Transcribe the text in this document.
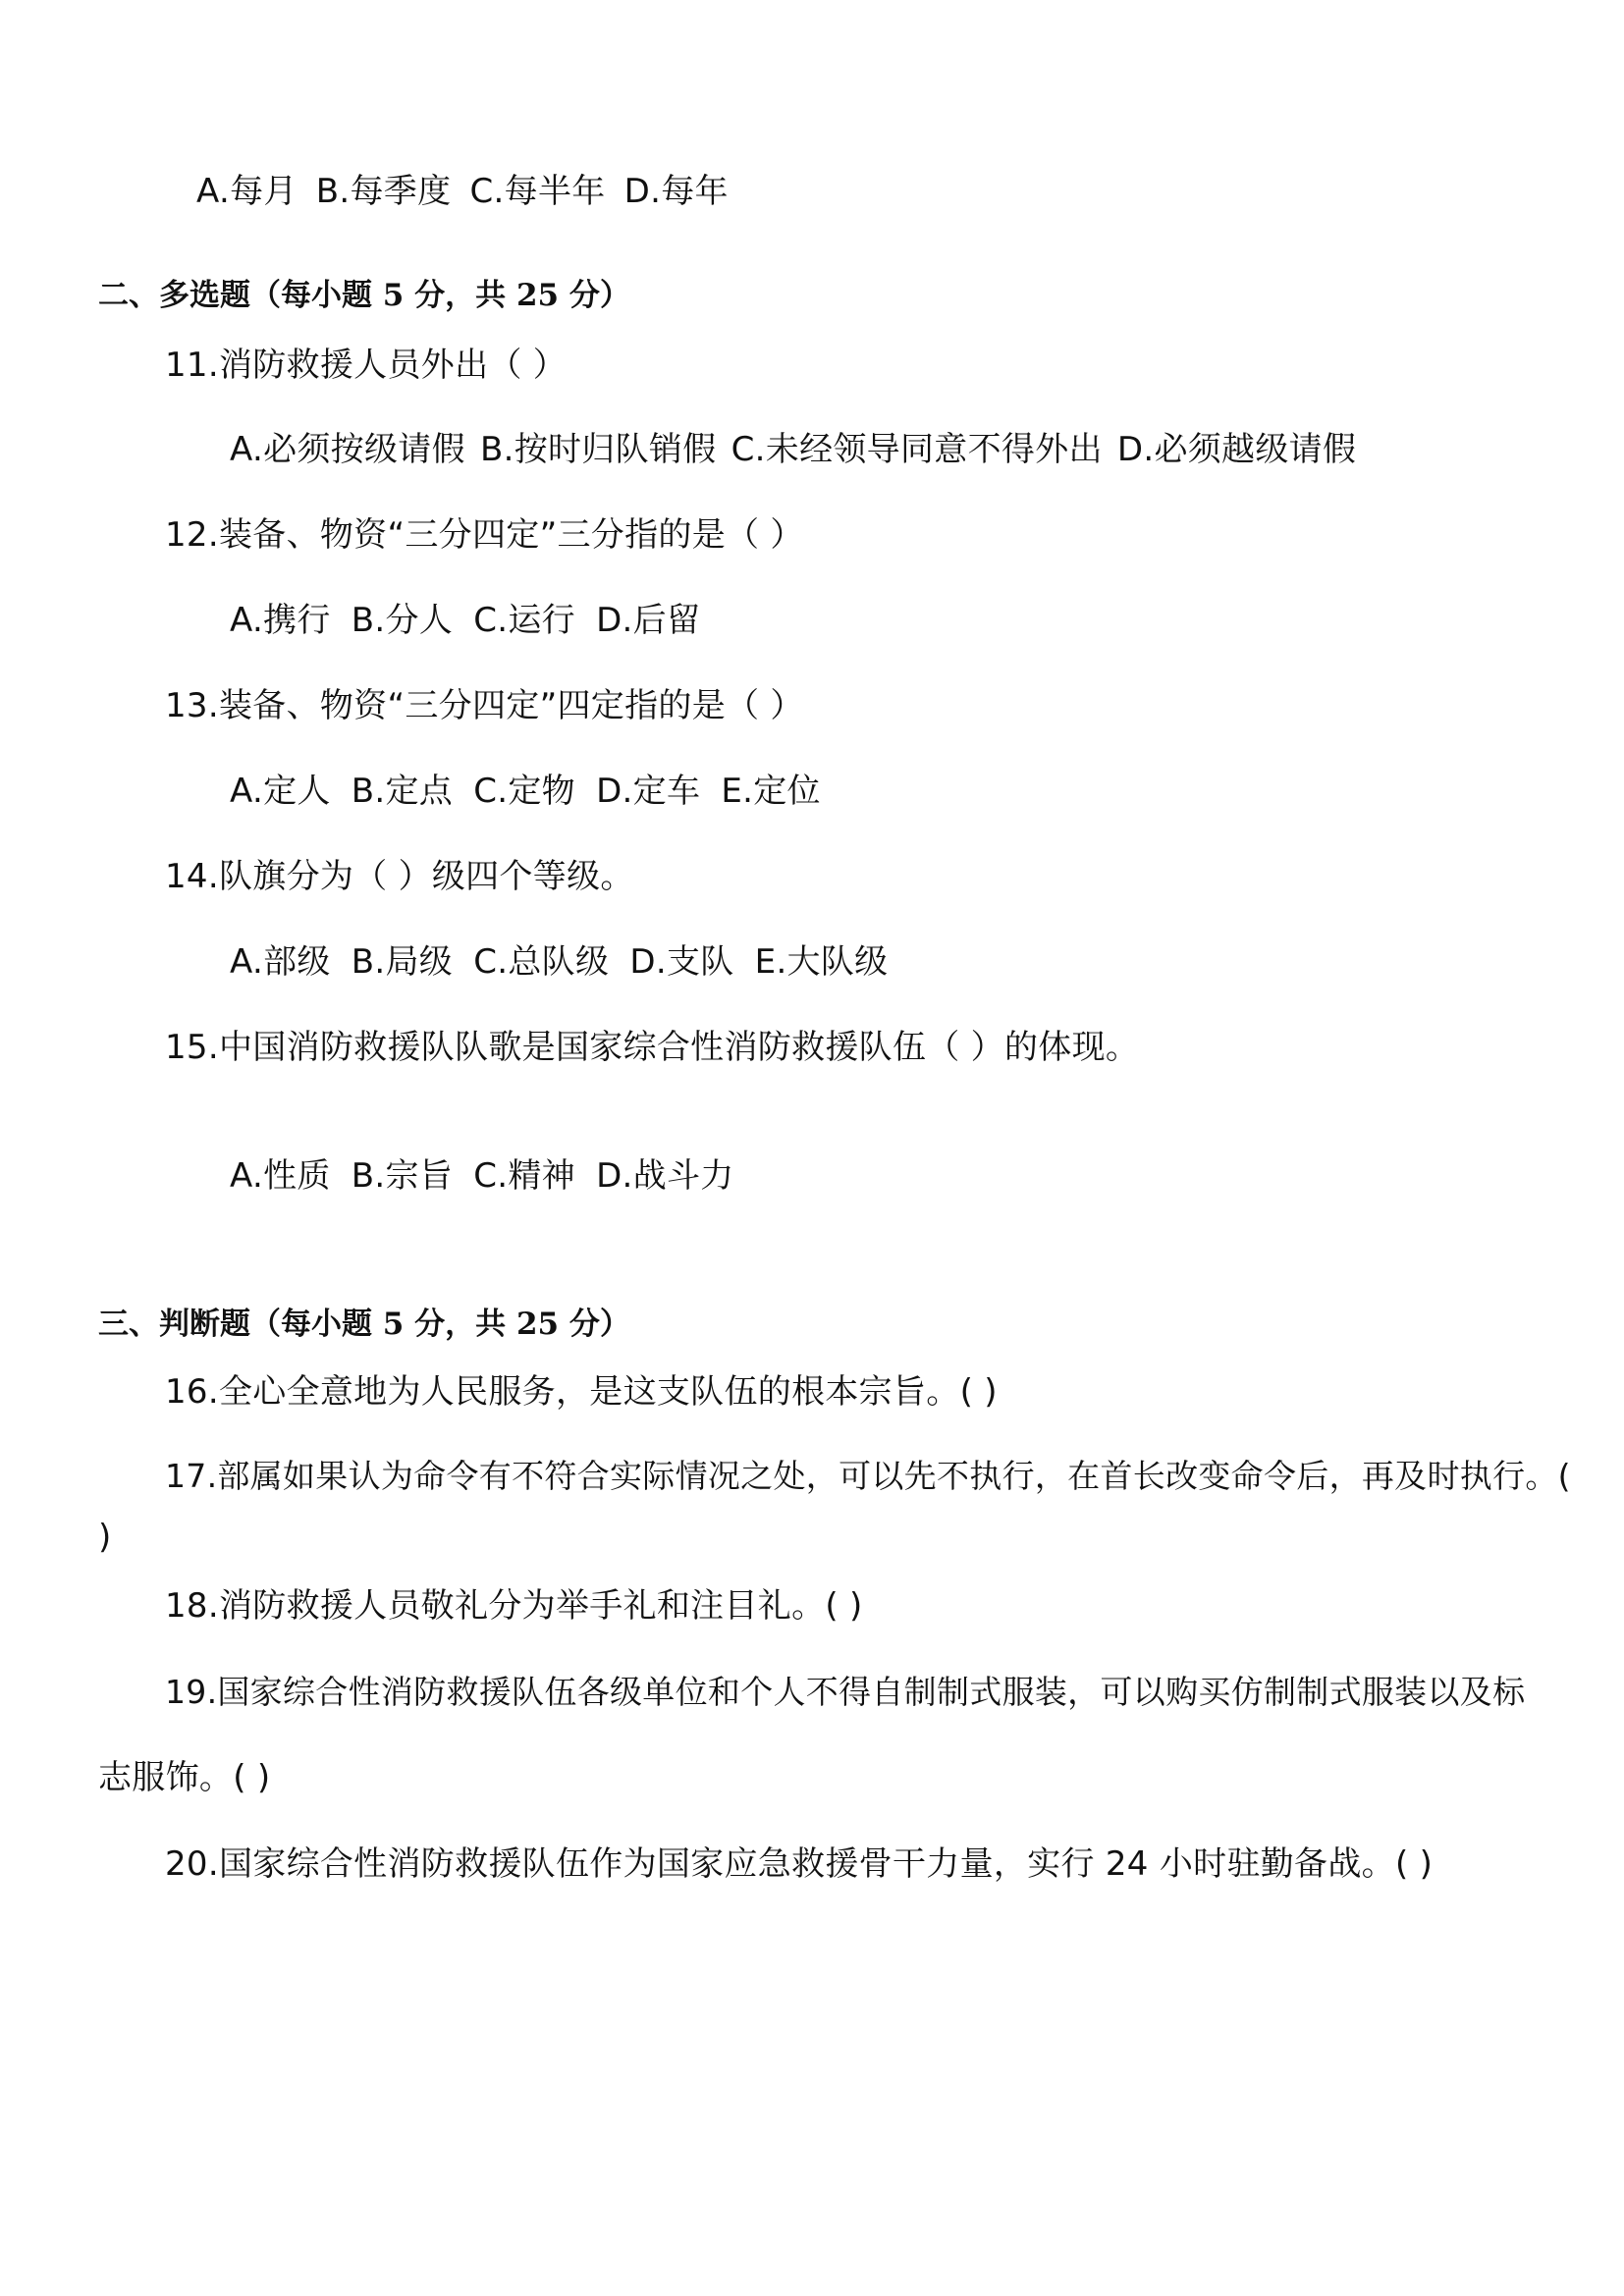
A.每月 B.每季度 C.每半年 D.每年
二、多选题（每小题 5 分，共 25 分）
11.消防救援人员外出（ ）
A.必须按级请假 B.按时归队销假 C.未经领导同意不得外出 D.必须越级请假
12.装备、物资“三分四定”三分指的是（ ）
A.携行 B.分人 C.运行 D.后留
13.装备、物资“三分四定”四定指的是（ ）
A.定人 B.定点 C.定物 D.定车 E.定位
14.队旗分为（ ）级四个等级。
A.部级 B.局级 C.总队级 D.支队 E.大队级
15.中国消防救援队队歌是国家综合性消防救援队伍（ ）的体现。
A.性质 B.宗旨 C.精神 D.战斗力
三、判断题（每小题 5 分，共 25 分）
16.全心全意地为人民服务，是这支队伍的根本宗旨。( )
17.部属如果认为命令有不符合实际情况之处，可以先不执行，在首长改变命令后，再及时执行。(
)
18.消防救援人员敬礼分为举手礼和注目礼。( )
19.国家综合性消防救援队伍各级单位和个人不得自制制式服装，可以购买仿制制式服装以及标
志服饰。( )
20.国家综合性消防救援队伍作为国家应急救援骨干力量，实行 24 小时驻勤备战。( )
